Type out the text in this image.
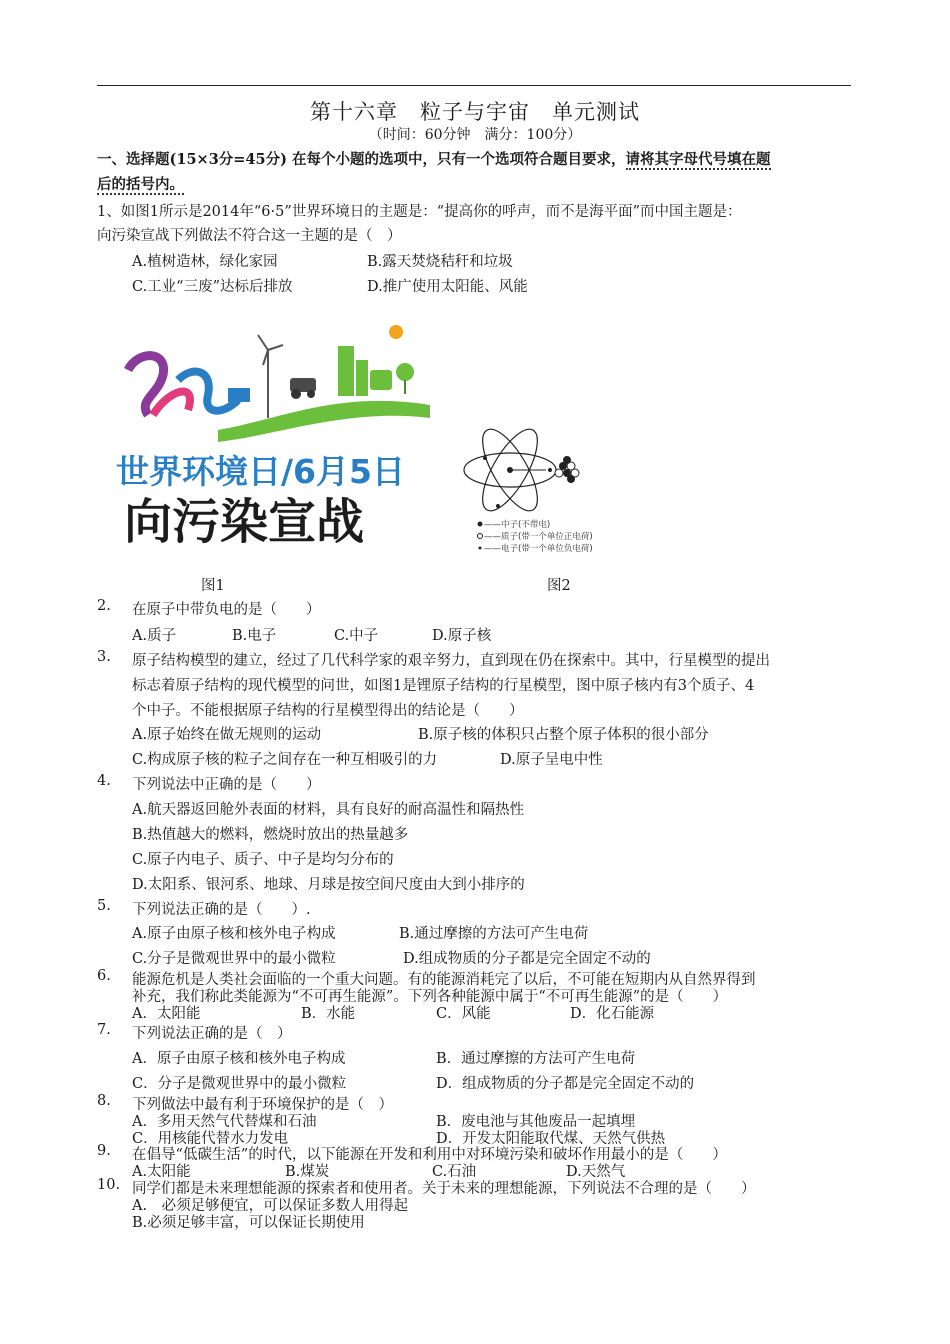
第十六章　粒子与宇宙　单元测试
（时间：60分钟　满分：100分）
一、选择题(15×3分=45分) 在每个小题的选项中，只有一个选项符合题目要求，请将其字母代号填在题
后的括号内。
1、如图1所示是2014年“6·5”世界环境日的主题是：“提高你的呼声，而不是海平面”而中国主题是：
向污染宣战下列做法不符合这一主题的是（　）
A.植树造林，绿化家园	B.露天焚烧秸秆和垃圾
C.工业“三废”达标后排放	D.推广使用太阳能、风能
世界环境日/6月5日
向污染宣战	——中子(不带电)
——质子(带一个单位正电荷)
——电子(带一个单位负电荷)
图1	图2
2. 在原子中带负电的是（　　）
A.质子	B.电子	C.中子	D.原子核
3. 原子结构模型的建立，经过了几代科学家的艰辛努力，直到现在仍在探索中。其中，行星模型的提出
标志着原子结构的现代模型的问世，如图1是锂原子结构的行星模型，图中原子核内有3个质子、4
个中子。不能根据原子结构的行星模型得出的结论是（　　）
A.原子始终在做无规则的运动	B.原子核的体积只占整个原子体积的很小部分
C.构成原子核的粒子之间存在一种互相吸引的力	D.原子呈电中性
4. 下列说法中正确的是（　　）
A.航天器返回舱外表面的材料，具有良好的耐高温性和隔热性
B.热值越大的燃料，燃烧时放出的热量越多
C.原子内电子、质子、中子是均匀分布的
D.太阳系、银河系、地球、月球是按空间尺度由大到小排序的
5. 下列说法正确的是（　　）.
A.原子由原子核和核外电子构成	B.通过摩擦的方法可产生电荷
C.分子是微观世界中的最小微粒	D.组成物质的分子都是完全固定不动的
6. 能源危机是人类社会面临的一个重大问题。有的能源消耗完了以后，不可能在短期内从自然界得到
补充，我们称此类能源为“不可再生能源”。下列各种能源中属于“不可再生能源”的是（　　）
A．太阳能	B．水能	C．风能	D．化石能源
7. 下列说法正确的是（　）
A．原子由原子核和核外电子构成	B．通过摩擦的方法可产生电荷
C．分子是微观世界中的最小微粒	D．组成物质的分子都是完全固定不动的
8. 下列做法中最有利于环境保护的是（　）
A．多用天然气代替煤和石油	B．废电池与其他废品一起填埋
C．用核能代替水力发电	D．开发太阳能取代煤、天然气供热
9. 在倡导“低碳生活”的时代，以下能源在开发和利用中对环境污染和破坏作用最小的是（　　）
A.太阳能	B.煤炭	C.石油	D.天然气
10. 同学们都是未来理想能源的探索者和使用者。关于未来的理想能源，下列说法不合理的是（　　）
A.　必须足够便宜，可以保证多数人用得起
B.必须足够丰富，可以保证长期使用
